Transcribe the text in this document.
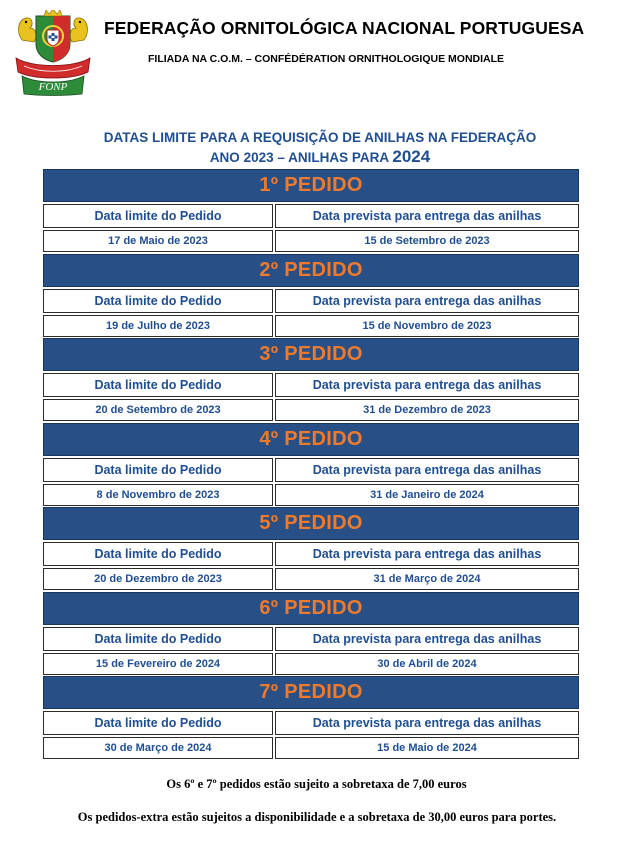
FONP
FEDERAÇÃO ORNITOLÓGICA NACIONAL PORTUGUESA
FILIADA NA C.O.M. – CONFÉDÉRATION ORNITHOLOGIQUE MONDIALE
DATAS LIMITE PARA A REQUISIÇÃO DE ANILHAS NA FEDERAÇÃO
ANO 2023 – ANILHAS PARA 2024
1º PEDIDO
Data limite do Pedido	Data prevista para entrega das anilhas
17 de Maio de 2023	15 de Setembro de 2023
2º PEDIDO
Data limite do Pedido	Data prevista para entrega das anilhas
19 de Julho de 2023	15 de Novembro de 2023
3º PEDIDO
Data limite do Pedido	Data prevista para entrega das anilhas
20 de Setembro de 2023	31 de Dezembro de 2023
4º PEDIDO
Data limite do Pedido	Data prevista para entrega das anilhas
8 de Novembro de 2023	31 de Janeiro de 2024
5º PEDIDO
Data limite do Pedido	Data prevista para entrega das anilhas
20 de Dezembro de 2023	31 de Março de 2024
6º PEDIDO
Data limite do Pedido	Data prevista para entrega das anilhas
15 de Fevereiro de 2024	30 de Abril de 2024
7º PEDIDO
Data limite do Pedido	Data prevista para entrega das anilhas
30 de Março de 2024	15 de Maio de 2024
Os 6º e 7º pedidos estão sujeito a sobretaxa de 7,00 euros
Os pedidos-extra estão sujeitos a disponibilidade e a sobretaxa de 30,00 euros para portes.
